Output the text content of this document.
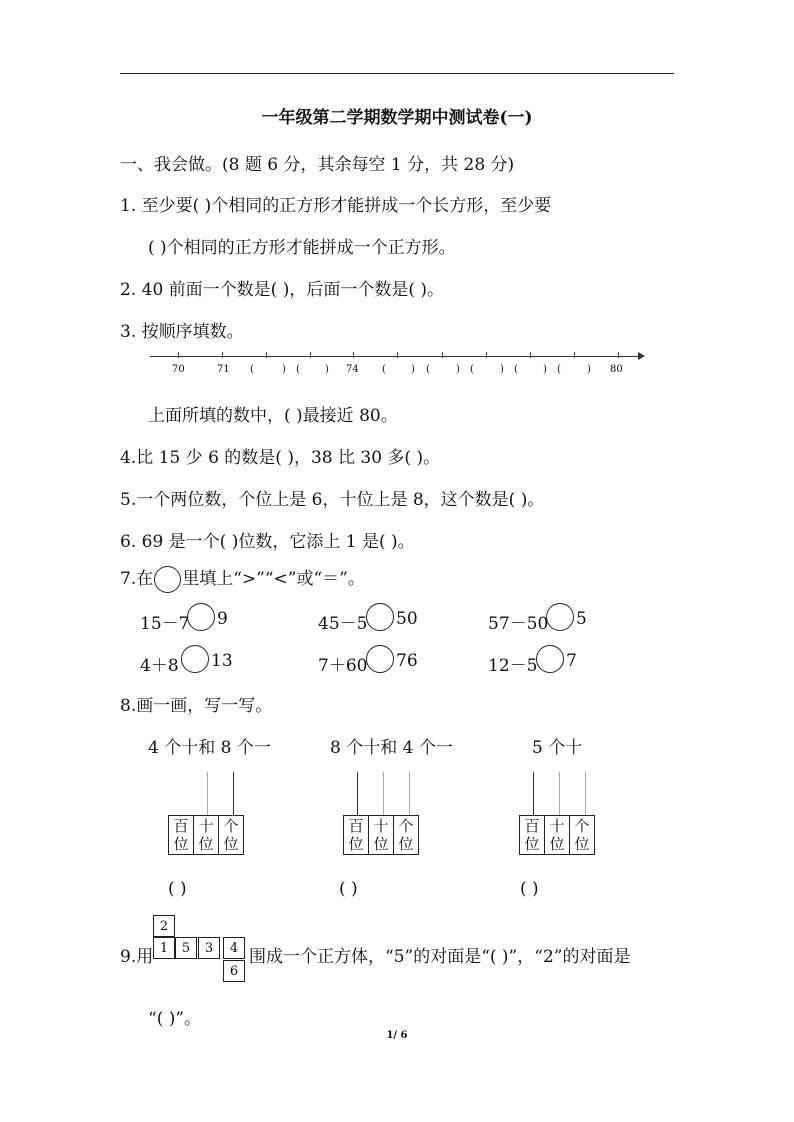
一年级第二学期数学期中测试卷(一)
一、我会做。(8 题 6 分，其余每空 1 分，共 28 分)
1. 至少要( )个相同的正方形才能拼成一个长方形，至少要
( )个相同的正方形才能拼成一个正方形。
2. 40 前面一个数是( )，后面一个数是( )。
3. 按顺序填数。
70	71 (	) (	) 74 (	) (	) (	) (	) (	) 80
上面所填的数中，( )最接近 80。
4.比 15 少 6 的数是( )，38 比 30 多( )。
5.一个两位数，个位上是 6，十位上是 8，这个数是( )。
6. 69 是一个( )位数，它添上 1 是( )。
7.在 里填上“>”“<”或“＝”。
15－7 9	45－5 50	57－50 5
4＋8 13	7＋60 76	12－5 7
8.画一画，写一写。
4 个十和 8 个一	8 个十和 4 个一	5 个十
百
位	十
位	个
位
百
位	十
位	个
位
百
位	十
位	个
位
( )	( )	( )
9.用
2
1	5	3	4
6
围成一个正方体，“5”的对面是“( )”，“2”的对面是
“( )”。
1/ 6
